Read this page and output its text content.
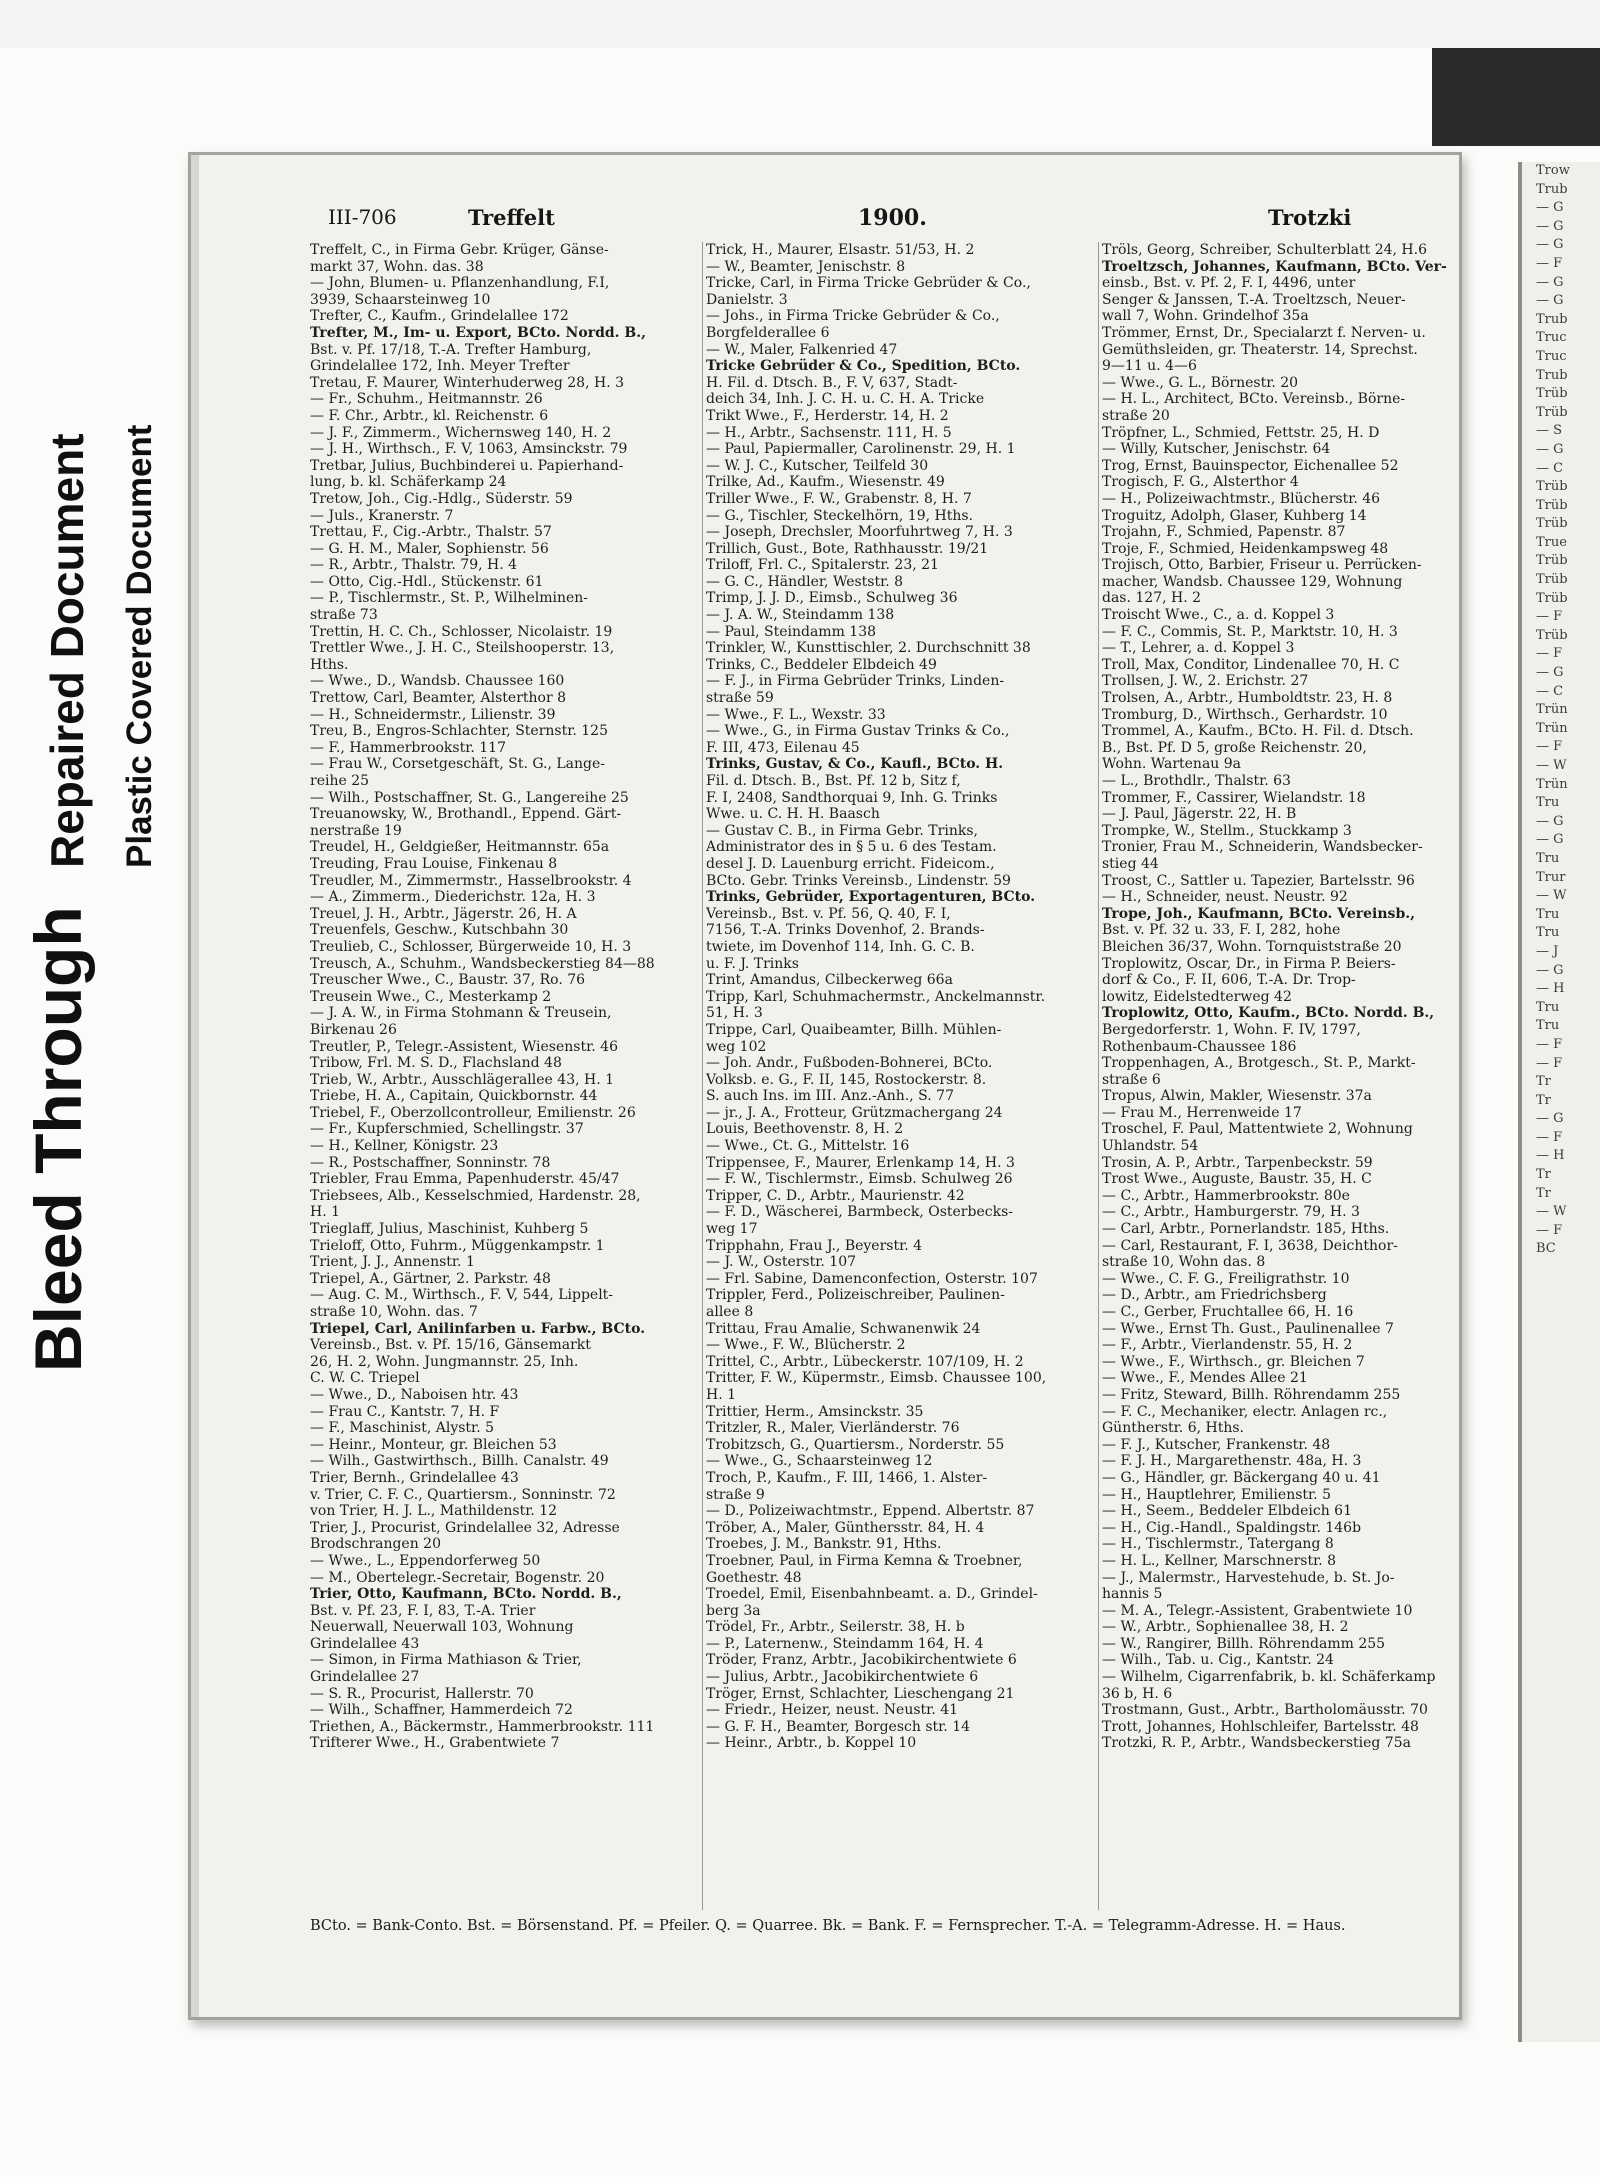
Bleed Through
Repaired Document Plastic Covered Document
Trow
Trub
— G
— G
— G
— F
— G
— G
Trub
Truc
Truc
Trub
Trüb
Trüb
— S
— G
— C
Trüb
Trüb
Trüb
True
Trüb
Trüb
Trüb
— F
Trüb
— F
— G
— C
Trün
Trün
— F
— W
Trün
Tru
— G
— G
Tru
Trur
— W
Tru
Tru
— J
— G
— H
Tru
Tru
— F
— F
Tr
Tr
— G
— F
— H
Tr
Tr
— W
— F
BC
III-706	Treffelt	1900.	Trotzki
Treffelt, C., in Firma Gebr. Krüger, Gänse-
markt 37, Wohn. das. 38
— John, Blumen- u. Pflanzenhandlung, F.I,
3939, Schaarsteinweg 10
Trefter, C., Kaufm., Grindelallee 172
Trefter, M., Im- u. Export, BCto. Nordd. B.,
Bst. v. Pf. 17/18, T.-A. Trefter Hamburg,
Grindelallee 172, Inh. Meyer Trefter
Tretau, F. Maurer, Winterhuderweg 28, H. 3
— Fr., Schuhm., Heitmannstr. 26
— F. Chr., Arbtr., kl. Reichenstr. 6
— J. F., Zimmerm., Wichernsweg 140, H. 2
— J. H., Wirthsch., F. V, 1063, Amsinckstr. 79
Tretbar, Julius, Buchbinderei u. Papierhand-
lung, b. kl. Schäferkamp 24
Tretow, Joh., Cig.-Hdlg., Süderstr. 59
— Juls., Kranerstr. 7
Trettau, F., Cig.-Arbtr., Thalstr. 57
— G. H. M., Maler, Sophienstr. 56
— R., Arbtr., Thalstr. 79, H. 4
— Otto, Cig.-Hdl., Stückenstr. 61
— P., Tischlermstr., St. P., Wilhelminen-
straße 73
Trettin, H. C. Ch., Schlosser, Nicolaistr. 19
Trettler Wwe., J. H. C., Steilshooperstr. 13,
Hths.
— Wwe., D., Wandsb. Chaussee 160
Trettow, Carl, Beamter, Alsterthor 8
— H., Schneidermstr., Lilienstr. 39
Treu, B., Engros-Schlachter, Sternstr. 125
— F., Hammerbrookstr. 117
— Frau W., Corsetgeschäft, St. G., Lange-
reihe 25
— Wilh., Postschaffner, St. G., Langereihe 25
Treuanowsky, W., Brothandl., Eppend. Gärt-
nerstraße 19
Treudel, H., Geldgießer, Heitmannstr. 65a
Treuding, Frau Louise, Finkenau 8
Treudler, M., Zimmermstr., Hasselbrookstr. 4
— A., Zimmerm., Diederichstr. 12a, H. 3
Treuel, J. H., Arbtr., Jägerstr. 26, H. A
Treuenfels, Geschw., Kutschbahn 30
Treulieb, C., Schlosser, Bürgerweide 10, H. 3
Treusch, A., Schuhm., Wandsbeckerstieg 84—88
Treuscher Wwe., C., Baustr. 37, Ro. 76
Treusein Wwe., C., Mesterkamp 2
— J. A. W., in Firma Stohmann & Treusein,
Birkenau 26
Treutler, P., Telegr.-Assistent, Wiesenstr. 46
Tribow, Frl. M. S. D., Flachsland 48
Trieb, W., Arbtr., Ausschlägerallee 43, H. 1
Triebe, H. A., Capitain, Quickbornstr. 44
Triebel, F., Oberzollcontrolleur, Emilienstr. 26
— Fr., Kupferschmied, Schellingstr. 37
— H., Kellner, Königstr. 23
— R., Postschaffner, Sonninstr. 78
Triebler, Frau Emma, Papenhuderstr. 45/47
Triebsees, Alb., Kesselschmied, Hardenstr. 28,
H. 1
Trieglaff, Julius, Maschinist, Kuhberg 5
Trieloff, Otto, Fuhrm., Müggenkampstr. 1
Trient, J. J., Annenstr. 1
Triepel, A., Gärtner, 2. Parkstr. 48
— Aug. C. M., Wirthsch., F. V, 544, Lippelt-
straße 10, Wohn. das. 7
Triepel, Carl, Anilinfarben u. Farbw., BCto.
Vereinsb., Bst. v. Pf. 15/16, Gänsemarkt
26, H. 2, Wohn. Jungmannstr. 25, Inh.
C. W. C. Triepel
— Wwe., D., Naboisen htr. 43
— Frau C., Kantstr. 7, H. F
— F., Maschinist, Alystr. 5
— Heinr., Monteur, gr. Bleichen 53
— Wilh., Gastwirthsch., Billh. Canalstr. 49
Trier, Bernh., Grindelallee 43
v. Trier, C. F. C., Quartiersm., Sonninstr. 72
von Trier, H. J. L., Mathildenstr. 12
Trier, J., Procurist, Grindelallee 32, Adresse
Brodschrangen 20
— Wwe., L., Eppendorferweg 50
— M., Obertelegr.-Secretair, Bogenstr. 20
Trier, Otto, Kaufmann, BCto. Nordd. B.,
Bst. v. Pf. 23, F. I, 83, T.-A. Trier
Neuerwall, Neuerwall 103, Wohnung
Grindelallee 43
— Simon, in Firma Mathiason & Trier,
Grindelallee 27
— S. R., Procurist, Hallerstr. 70
— Wilh., Schaffner, Hammerdeich 72
Triethen, A., Bäckermstr., Hammerbrookstr. 111
Trifterer Wwe., H., Grabentwiete 7
Trick, H., Maurer, Elsastr. 51/53, H. 2
— W., Beamter, Jenischstr. 8
Tricke, Carl, in Firma Tricke Gebrüder & Co.,
Danielstr. 3
— Johs., in Firma Tricke Gebrüder & Co.,
Borgfelderallee 6
— W., Maler, Falkenried 47
Tricke Gebrüder & Co., Spedition, BCto.
H. Fil. d. Dtsch. B., F. V, 637, Stadt-
deich 34, Inh. J. C. H. u. C. H. A. Tricke
Trikt Wwe., F., Herderstr. 14, H. 2
— H., Arbtr., Sachsenstr. 111, H. 5
— Paul, Papiermaller, Carolinenstr. 29, H. 1
— W. J. C., Kutscher, Teilfeld 30
Trilke, Ad., Kaufm., Wiesenstr. 49
Triller Wwe., F. W., Grabenstr. 8, H. 7
— G., Tischler, Steckelhörn, 19, Hths.
— Joseph, Drechsler, Moorfuhrtweg 7, H. 3
Trillich, Gust., Bote, Rathhausstr. 19/21
Triloff, Frl. C., Spitalerstr. 23, 21
— G. C., Händler, Weststr. 8
Trimp, J. J. D., Eimsb., Schulweg 36
— J. A. W., Steindamm 138
— Paul, Steindamm 138
Trinkler, W., Kunsttischler, 2. Durchschnitt 38
Trinks, C., Beddeler Elbdeich 49
— F. J., in Firma Gebrüder Trinks, Linden-
straße 59
— Wwe., F. L., Wexstr. 33
— Wwe., G., in Firma Gustav Trinks & Co.,
F. III, 473, Eilenau 45
Trinks, Gustav, & Co., Kaufl., BCto. H.
Fil. d. Dtsch. B., Bst. Pf. 12 b, Sitz f,
F. I, 2408, Sandthorquai 9, Inh. G. Trinks
Wwe. u. C. H. H. Baasch
— Gustav C. B., in Firma Gebr. Trinks,
Administrator des in § 5 u. 6 des Testam.
desel J. D. Lauenburg erricht. Fideicom.,
BCto. Gebr. Trinks Vereinsb., Lindenstr. 59
Trinks, Gebrüder, Exportagenturen, BCto.
Vereinsb., Bst. v. Pf. 56, Q. 40, F. I,
7156, T.-A. Trinks Dovenhof, 2. Brands-
twiete, im Dovenhof 114, Inh. G. C. B.
u. F. J. Trinks
Trint, Amandus, Cilbeckerweg 66a
Tripp, Karl, Schuhmachermstr., Anckelmannstr.
51, H. 3
Trippe, Carl, Quaibeamter, Billh. Mühlen-
weg 102
— Joh. Andr., Fußboden-Bohnerei, BCto.
Volksb. e. G., F. II, 145, Rostockerstr. 8.
S. auch Ins. im III. Anz.-Anh., S. 77
— jr., J. A., Frotteur, Grützmachergang 24
Louis, Beethovenstr. 8, H. 2
— Wwe., Ct. G., Mittelstr. 16
Trippensee, F., Maurer, Erlenkamp 14, H. 3
— F. W., Tischlermstr., Eimsb. Schulweg 26
Tripper, C. D., Arbtr., Maurienstr. 42
— F. D., Wäscherei, Barmbeck, Osterbecks-
weg 17
Tripphahn, Frau J., Beyerstr. 4
— J. W., Osterstr. 107
— Frl. Sabine, Damenconfection, Osterstr. 107
Trippler, Ferd., Polizeischreiber, Paulinen-
allee 8
Trittau, Frau Amalie, Schwanenwik 24
— Wwe., F. W., Blücherstr. 2
Trittel, C., Arbtr., Lübeckerstr. 107/109, H. 2
Tritter, F. W., Küpermstr., Eimsb. Chaussee 100,
H. 1
Trittier, Herm., Amsinckstr. 35
Tritzler, R., Maler, Vierländerstr. 76
Trobitzsch, G., Quartiersm., Norderstr. 55
— Wwe., G., Schaarsteinweg 12
Troch, P., Kaufm., F. III, 1466, 1. Alster-
straße 9
— D., Polizeiwachtmstr., Eppend. Albertstr. 87
Tröber, A., Maler, Günthersstr. 84, H. 4
Troebes, J. M., Bankstr. 91, Hths.
Troebner, Paul, in Firma Kemna & Troebner,
Goethestr. 48
Troedel, Emil, Eisenbahnbeamt. a. D., Grindel-
berg 3a
Trödel, Fr., Arbtr., Seilerstr. 38, H. b
— P., Laternenw., Steindamm 164, H. 4
Tröder, Franz, Arbtr., Jacobikirchentwiete 6
— Julius, Arbtr., Jacobikirchentwiete 6
Tröger, Ernst, Schlachter, Lieschengang 21
— Friedr., Heizer, neust. Neustr. 41
— G. F. H., Beamter, Borgesch str. 14
— Heinr., Arbtr., b. Koppel 10
Tröls, Georg, Schreiber, Schulterblatt 24, H.6
Troeltzsch, Johannes, Kaufmann, BCto. Ver-
einsb., Bst. v. Pf. 2, F. I, 4496, unter
Senger & Janssen, T.-A. Troeltzsch, Neuer-
wall 7, Wohn. Grindelhof 35a
Trömmer, Ernst, Dr., Specialarzt f. Nerven- u.
Gemüthsleiden, gr. Theaterstr. 14, Sprechst.
9—11 u. 4—6
— Wwe., G. L., Börnestr. 20
— H. L., Architect, BCto. Vereinsb., Börne-
straße 20
Tröpfner, L., Schmied, Fettstr. 25, H. D
— Willy, Kutscher, Jenischstr. 64
Trog, Ernst, Bauinspector, Eichenallee 52
Trogisch, F. G., Alsterthor 4
— H., Polizeiwachtmstr., Blücherstr. 46
Troguitz, Adolph, Glaser, Kuhberg 14
Trojahn, F., Schmied, Papenstr. 87
Troje, F., Schmied, Heidenkampsweg 48
Trojisch, Otto, Barbier, Friseur u. Perrücken-
macher, Wandsb. Chaussee 129, Wohnung
das. 127, H. 2
Troischt Wwe., C., a. d. Koppel 3
— F. C., Commis, St. P., Marktstr. 10, H. 3
— T., Lehrer, a. d. Koppel 3
Troll, Max, Conditor, Lindenallee 70, H. C
Trollsen, J. W., 2. Erichstr. 27
Trolsen, A., Arbtr., Humboldtstr. 23, H. 8
Tromburg, D., Wirthsch., Gerhardstr. 10
Trommel, A., Kaufm., BCto. H. Fil. d. Dtsch.
B., Bst. Pf. D 5, große Reichenstr. 20,
Wohn. Wartenau 9a
— L., Brothdlr., Thalstr. 63
Trommer, F., Cassirer, Wielandstr. 18
— J. Paul, Jägerstr. 22, H. B
Trompke, W., Stellm., Stuckkamp 3
Tronier, Frau M., Schneiderin, Wandsbecker-
stieg 44
Troost, C., Sattler u. Tapezier, Bartelsstr. 96
— H., Schneider, neust. Neustr. 92
Trope, Joh., Kaufmann, BCto. Vereinsb.,
Bst. v. Pf. 32 u. 33, F. I, 282, hohe
Bleichen 36/37, Wohn. Tornquiststraße 20
Troplowitz, Oscar, Dr., in Firma P. Beiers-
dorf & Co., F. II, 606, T.-A. Dr. Trop-
lowitz, Eidelstedterweg 42
Troplowitz, Otto, Kaufm., BCto. Nordd. B.,
Bergedorferstr. 1, Wohn. F. IV, 1797,
Rothenbaum-Chaussee 186
Troppenhagen, A., Brotgesch., St. P., Markt-
straße 6
Tropus, Alwin, Makler, Wiesenstr. 37a
— Frau M., Herrenweide 17
Troschel, F. Paul, Mattentwiete 2, Wohnung
Uhlandstr. 54
Trosin, A. P., Arbtr., Tarpenbeckstr. 59
Trost Wwe., Auguste, Baustr. 35, H. C
— C., Arbtr., Hammerbrookstr. 80e
— C., Arbtr., Hamburgerstr. 79, H. 3
— Carl, Arbtr., Pornerlandstr. 185, Hths.
— Carl, Restaurant, F. I, 3638, Deichthor-
straße 10, Wohn das. 8
— Wwe., C. F. G., Freiligrathstr. 10
— D., Arbtr., am Friedrichsberg
— C., Gerber, Fruchtallee 66, H. 16
— Wwe., Ernst Th. Gust., Paulinenallee 7
— F., Arbtr., Vierlandenstr. 55, H. 2
— Wwe., F., Wirthsch., gr. Bleichen 7
— Wwe., F., Mendes Allee 21
— Fritz, Steward, Billh. Röhrendamm 255
— F. C., Mechaniker, electr. Anlagen rc.,
Güntherstr. 6, Hths.
— F. J., Kutscher, Frankenstr. 48
— F. J. H., Margarethenstr. 48a, H. 3
— G., Händler, gr. Bäckergang 40 u. 41
— H., Hauptlehrer, Emilienstr. 5
— H., Seem., Beddeler Elbdeich 61
— H., Cig.-Handl., Spaldingstr. 146b
— H., Tischlermstr., Tatergang 8
— H. L., Kellner, Marschnerstr. 8
— J., Malermstr., Harvestehude, b. St. Jo-
hannis 5
— M. A., Telegr.-Assistent, Grabentwiete 10
— W., Arbtr., Sophienallee 38, H. 2
— W., Rangirer, Billh. Röhrendamm 255
— Wilh., Tab. u. Cig., Kantstr. 24
— Wilhelm, Cigarrenfabrik, b. kl. Schäferkamp
36 b, H. 6
Trostmann, Gust., Arbtr., Bartholomäusstr. 70
Trott, Johannes, Hohlschleifer, Bartelsstr. 48
Trotzki, R. P., Arbtr., Wandsbeckerstieg 75a
BCto. = Bank-Conto. Bst. = Börsenstand. Pf. = Pfeiler. Q. = Quarree. Bk. = Bank. F. = Fernsprecher. T.-A. = Telegramm-Adresse. H. = Haus.
